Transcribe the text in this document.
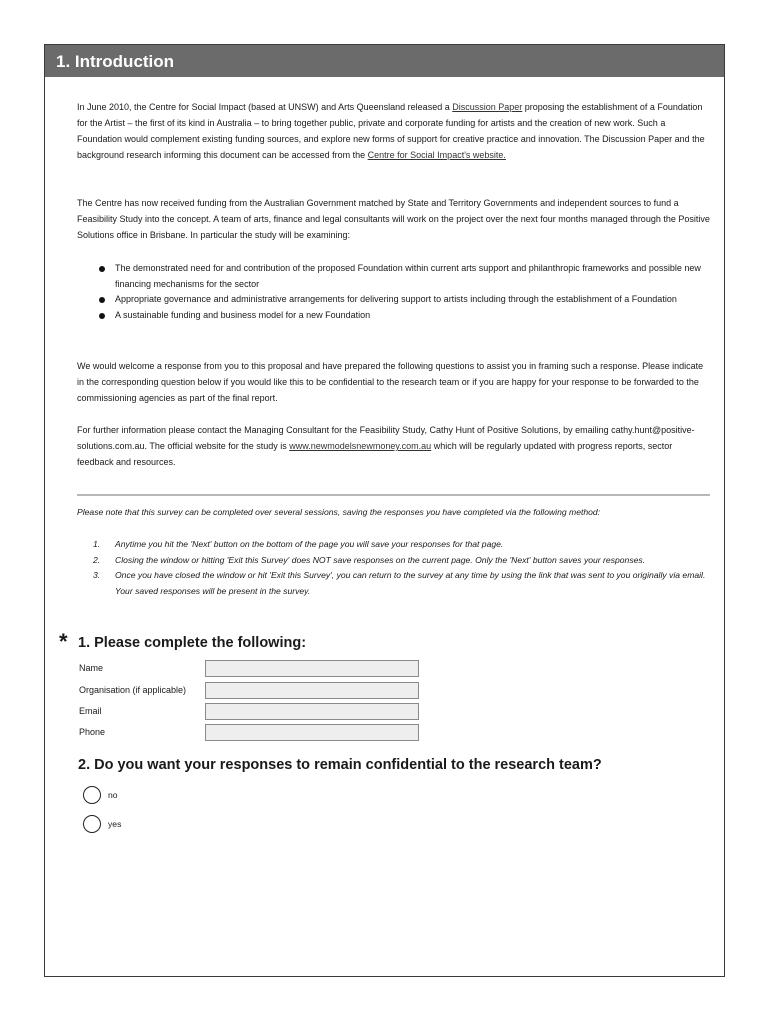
1. Introduction

In June 2010, the Centre for Social Impact (based at UNSW) and Arts Queensland released a Discussion Paper proposing the establishment of a Foundation for the Artist – the first of its kind in Australia – to bring together public, private and corporate funding for artists and the creation of new work. Such a Foundation would complement existing funding sources, and explore new forms of support for creative practice and innovation. The Discussion Paper and the background research informing this document can be accessed from the Centre for Social Impact's website.

The Centre has now received funding from the Australian Government matched by State and Territory Governments and independent sources to fund a Feasibility Study into the concept. A team of arts, finance and legal consultants will work on the project over the next four months managed through the Positive Solutions office in Brisbane. In particular the study will be examining:

The demonstrated need for and contribution of the proposed Foundation within current arts support and philanthropic frameworks and possible new financing mechanisms for the sector
Appropriate governance and administrative arrangements for delivering support to artists including through the establishment of a Foundation
A sustainable funding and business model for a new Foundation

We would welcome a response from you to this proposal and have prepared the following questions to assist you in framing such a response. Please indicate in the corresponding question below if you would like this to be confidential to the research team or if you are happy for your response to be forwarded to the commissioning agencies as part of the final report.

For further information please contact the Managing Consultant for the Feasibility Study, Cathy Hunt of Positive Solutions, by emailing cathy.hunt@positive-solutions.com.au. The official website for the study is www.newmodelsnewmoney.com.au which will be regularly updated with progress reports, sector feedback and resources.

Please note that this survey can be completed over several sessions, saving the responses you have completed via the following method:
1. Anytime you hit the 'Next' button on the bottom of the page you will save your responses for that page.
2. Closing the window or hitting 'Exit this Survey' does NOT save responses on the current page. Only the 'Next' button saves your responses.
3. Once you have closed the window or hit 'Exit this Survey', you can return to the survey at any time by using the link that was sent to you originally via email. Your saved responses will be present in the survey.
* 1. Please complete the following:
Name
Organisation (if applicable)
Email
Phone
2. Do you want your responses to remain confidential to the research team?
no
yes
